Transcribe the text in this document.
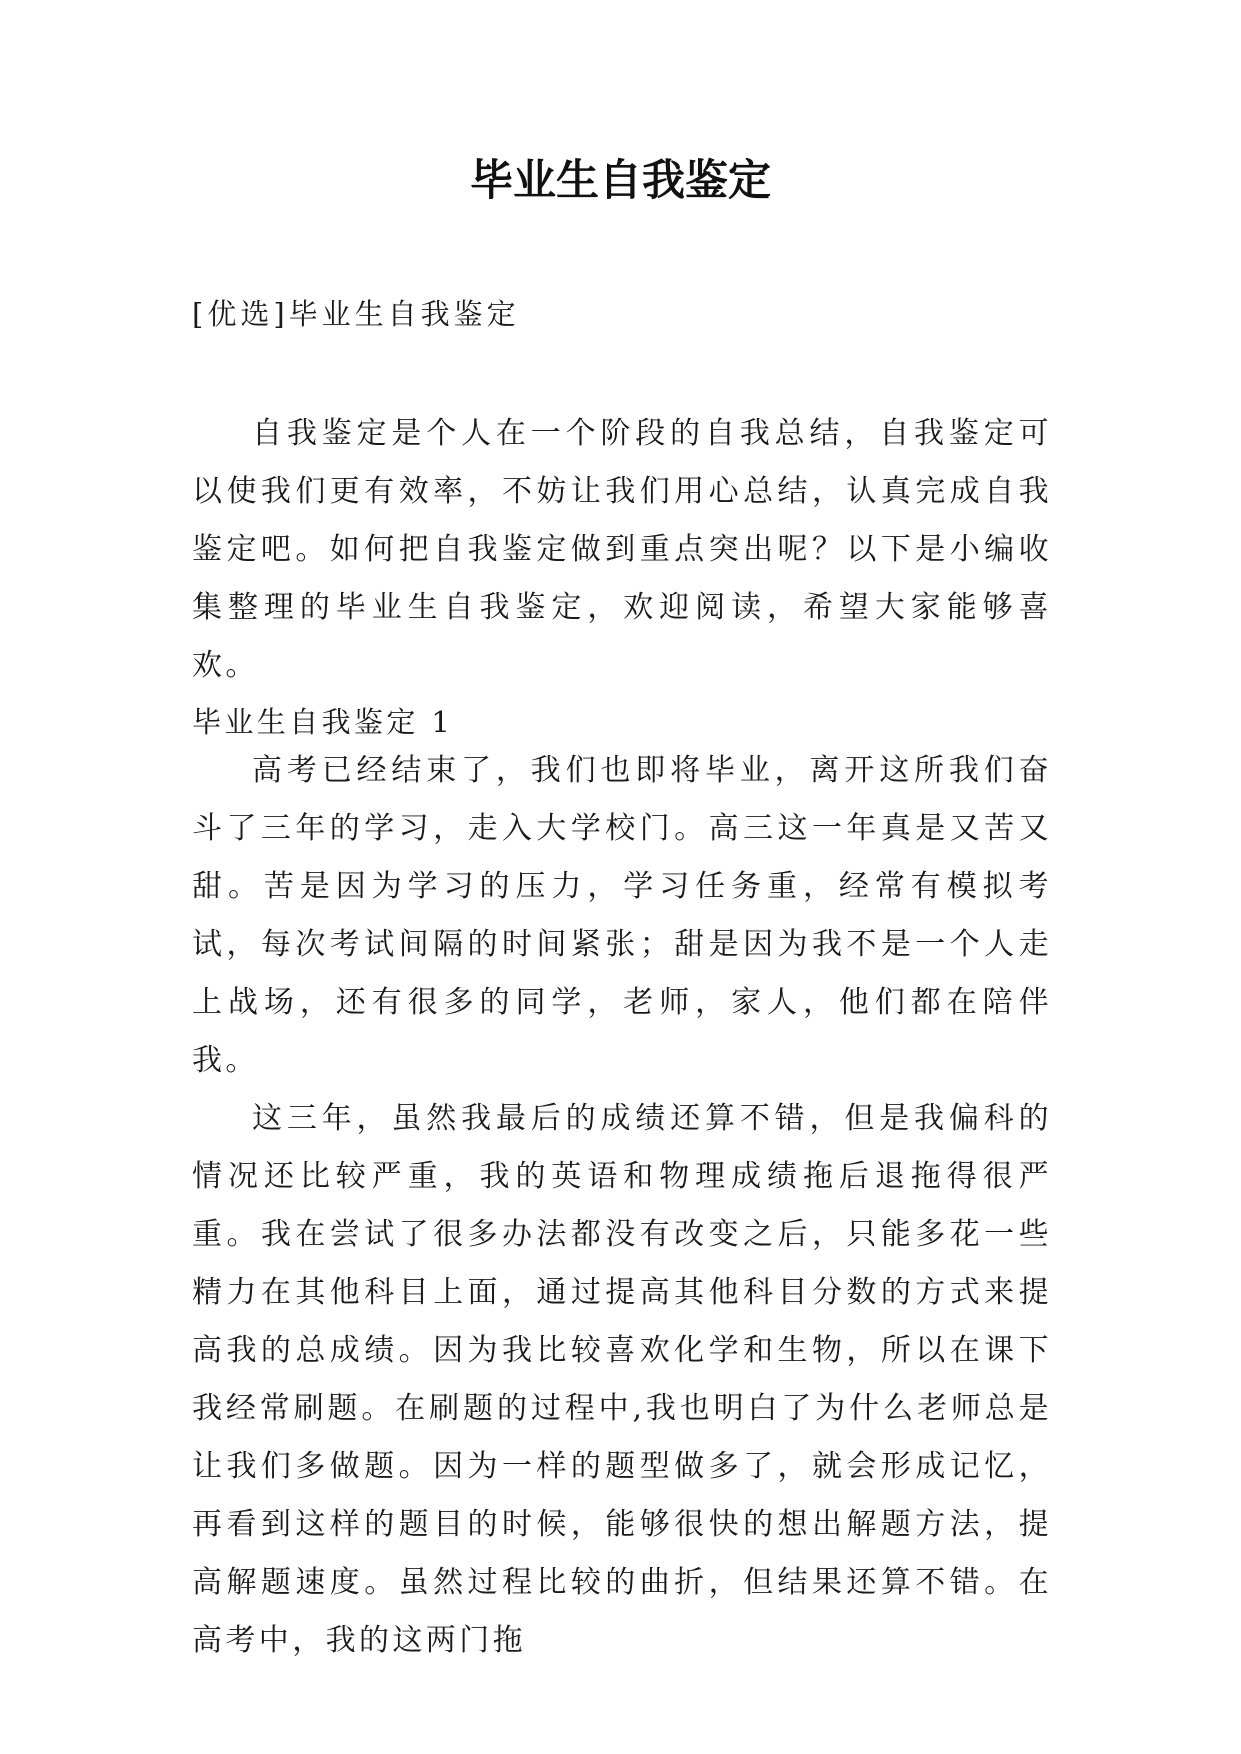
毕业生自我鉴定
[优选]毕业生自我鉴定

自我鉴定是个人在一个阶段的自我总结，自我鉴定可以使我们更有效率，不妨让我们用心总结，认真完成自我鉴定吧。如何把自我鉴定做到重点突出呢？以下是小编收集整理的毕业生自我鉴定，欢迎阅读，希望大家能够喜欢。

毕业生自我鉴定 1

高考已经结束了，我们也即将毕业，离开这所我们奋斗了三年的学习，走入大学校门。高三这一年真是又苦又甜。苦是因为学习的压力，学习任务重，经常有模拟考试，每次考试间隔的时间紧张；甜是因为我不是一个人走上战场，还有很多的同学，老师，家人，他们都在陪伴我。

这三年，虽然我最后的成绩还算不错，但是我偏科的情况还比较严重，我的英语和物理成绩拖后退拖得很严重。我在尝试了很多办法都没有改变之后，只能多花一些精力在其他科目上面，通过提高其他科目分数的方式来提高我的总成绩。因为我比较喜欢化学和生物，所以在课下我经常刷题。在刷题的过程中,我也明白了为什么老师总是让我们多做题。因为一样的题型做多了，就会形成记忆，再看到这样的题目的时候，能够很快的想出解题方法，提高解题速度。虽然过程比较的曲折，但结果还算不错。在高考中，我的这两门拖
